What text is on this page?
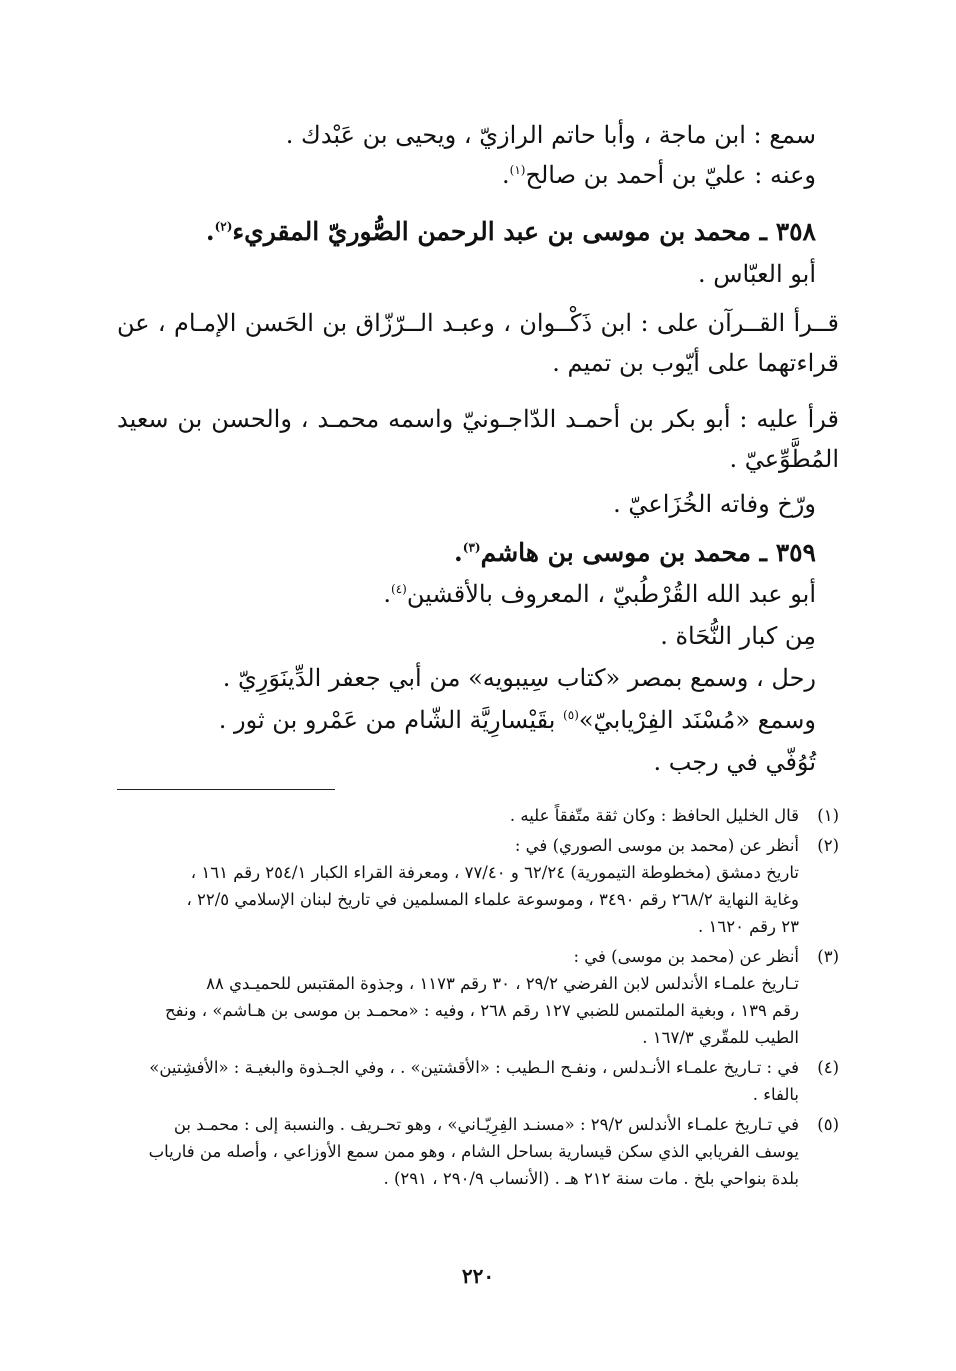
سمع : ابن ماجة ، وأبا حاتم الرازيّ ، ويحيى بن عَبْدك .
وعنه : عليّ بن أحمد بن صالح$^{(١)}$.
٣٥٨ ـ محمد بن موسى بن عبد الرحمن الصُّوريّ المقريء$^{(٢)}$.
أبو العبّاس .
قــرأ القــرآن على : ابن ذَكْــوان ، وعبـد الــرّزّاق بن الحَسن الإمـام ، عن قراءتهما على أيّوب بن تميم .
قرأ عليه : أبو بكر بن أحمـد الدّاجـونيّ واسمه محمـد ، والحسن بن سعيد المُطَّوِّعيّ .
ورّخ وفاته الخُزَاعيّ .
٣٥٩ ـ محمد بن موسى بن هاشم$^{(٣)}$.
أبو عبد الله القُرْطُبيّ ، المعروف بالأقشين$^{(٤)}$.
مِن كبار النُّحَاة .
رحل ، وسمع بمصر «كتاب سِيبويه» من أبي جعفر الدِّينَوَرِيّ .
وسمع «مُسْنَد الفِرْيابيّ»$^{(٥)}$ بقَيْسارِيَّة الشّام من عَمْرو بن ثور .
تُوُفّي في رجب .
(١)
قال الخليل الحافظ : وكان ثقة متّفقاً عليه .
(٢)
أنظر عن (محمد بن موسى الصوري) في :
تاريخ دمشق (مخطوطة التيمورية) ٦٢/٢٤ و ٧٧/٤٠ ، ومعرفة القراء الكبار ٢٥٤/١ رقم ١٦١ ،
وغاية النهاية ٢٦٨/٢ رقم ٣٤٩٠ ، وموسوعة علماء المسلمين في تاريخ لبنان الإسلامي ٢٢/٥ ،
٢٣ رقم ١٦٢٠ .
(٣)
أنظر عن (محمد بن موسى) في :
تـاريخ علمـاء الأندلس لابن الفرضي ٢٩/٢ ، ٣٠ رقم ١١٧٣ ، وجذوة المقتبس للحميـدي ٨٨
رقم ١٣٩ ، وبغية الملتمس للضبي ١٢٧ رقم ٢٦٨ ، وفيه : «محمـد بن موسى بن هـاشم» ، ونفح
الطيب للمقّري ١٦٧/٣ .
(٤)
في : تـاريخ علمـاء الأنـدلس ، ونفـح الـطيب : «الأقشتين» . ، وفي الجـذوة والبغيـة : «الأفشِتين»
بالفاء .
(٥)
في تـاريخ علمـاء الأندلس ٢٩/٢ : «مسنـد الفِرِيّـاني» ، وهو تحـريف . والنسبة إلى : محمـد بن
يوسف الفريابي الذي سكن قيسارية بساحل الشام ، وهو ممن سمع الأوزاعي ، وأصله من فارياب
بلدة بنواحي بلخ . مات سنة ٢١٢ هـ . (الأنساب ٢٩٠/٩ ، ٢٩١) .
٢٢٠
